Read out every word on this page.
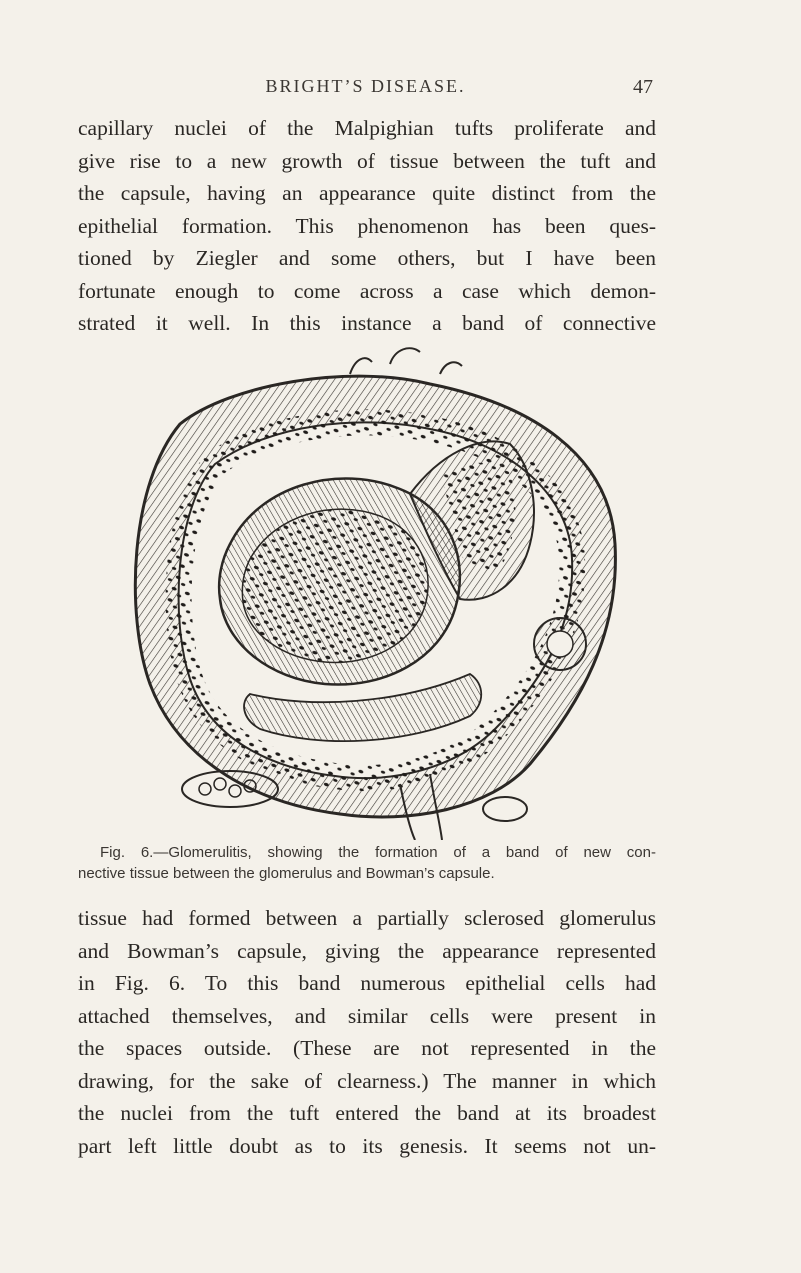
BRIGHT’S DISEASE.	47
capillary nuclei of the Malpighian tufts proliferate and
give rise to a new growth of tissue between the tuft and
the capsule, having an appearance quite distinct from the
epithelial formation. This phenomenon has been ques-
tioned by Ziegler and some others, but I have been
fortunate enough to come across a case which demon-
strated it well. In this instance a band of connective
Fig. 6.—Glomerulitis, showing the formation of a band of new con-
nective tissue between the glomerulus and Bowman’s capsule.
tissue had formed between a partially sclerosed glomerulus
and Bowman’s capsule, giving the appearance represented
in Fig. 6. To this band numerous epithelial cells had
attached themselves, and similar cells were present in
the spaces outside. (These are not represented in the
drawing, for the sake of clearness.) The manner in which
the nuclei from the tuft entered the band at its broadest
part left little doubt as to its genesis. It seems not un-
